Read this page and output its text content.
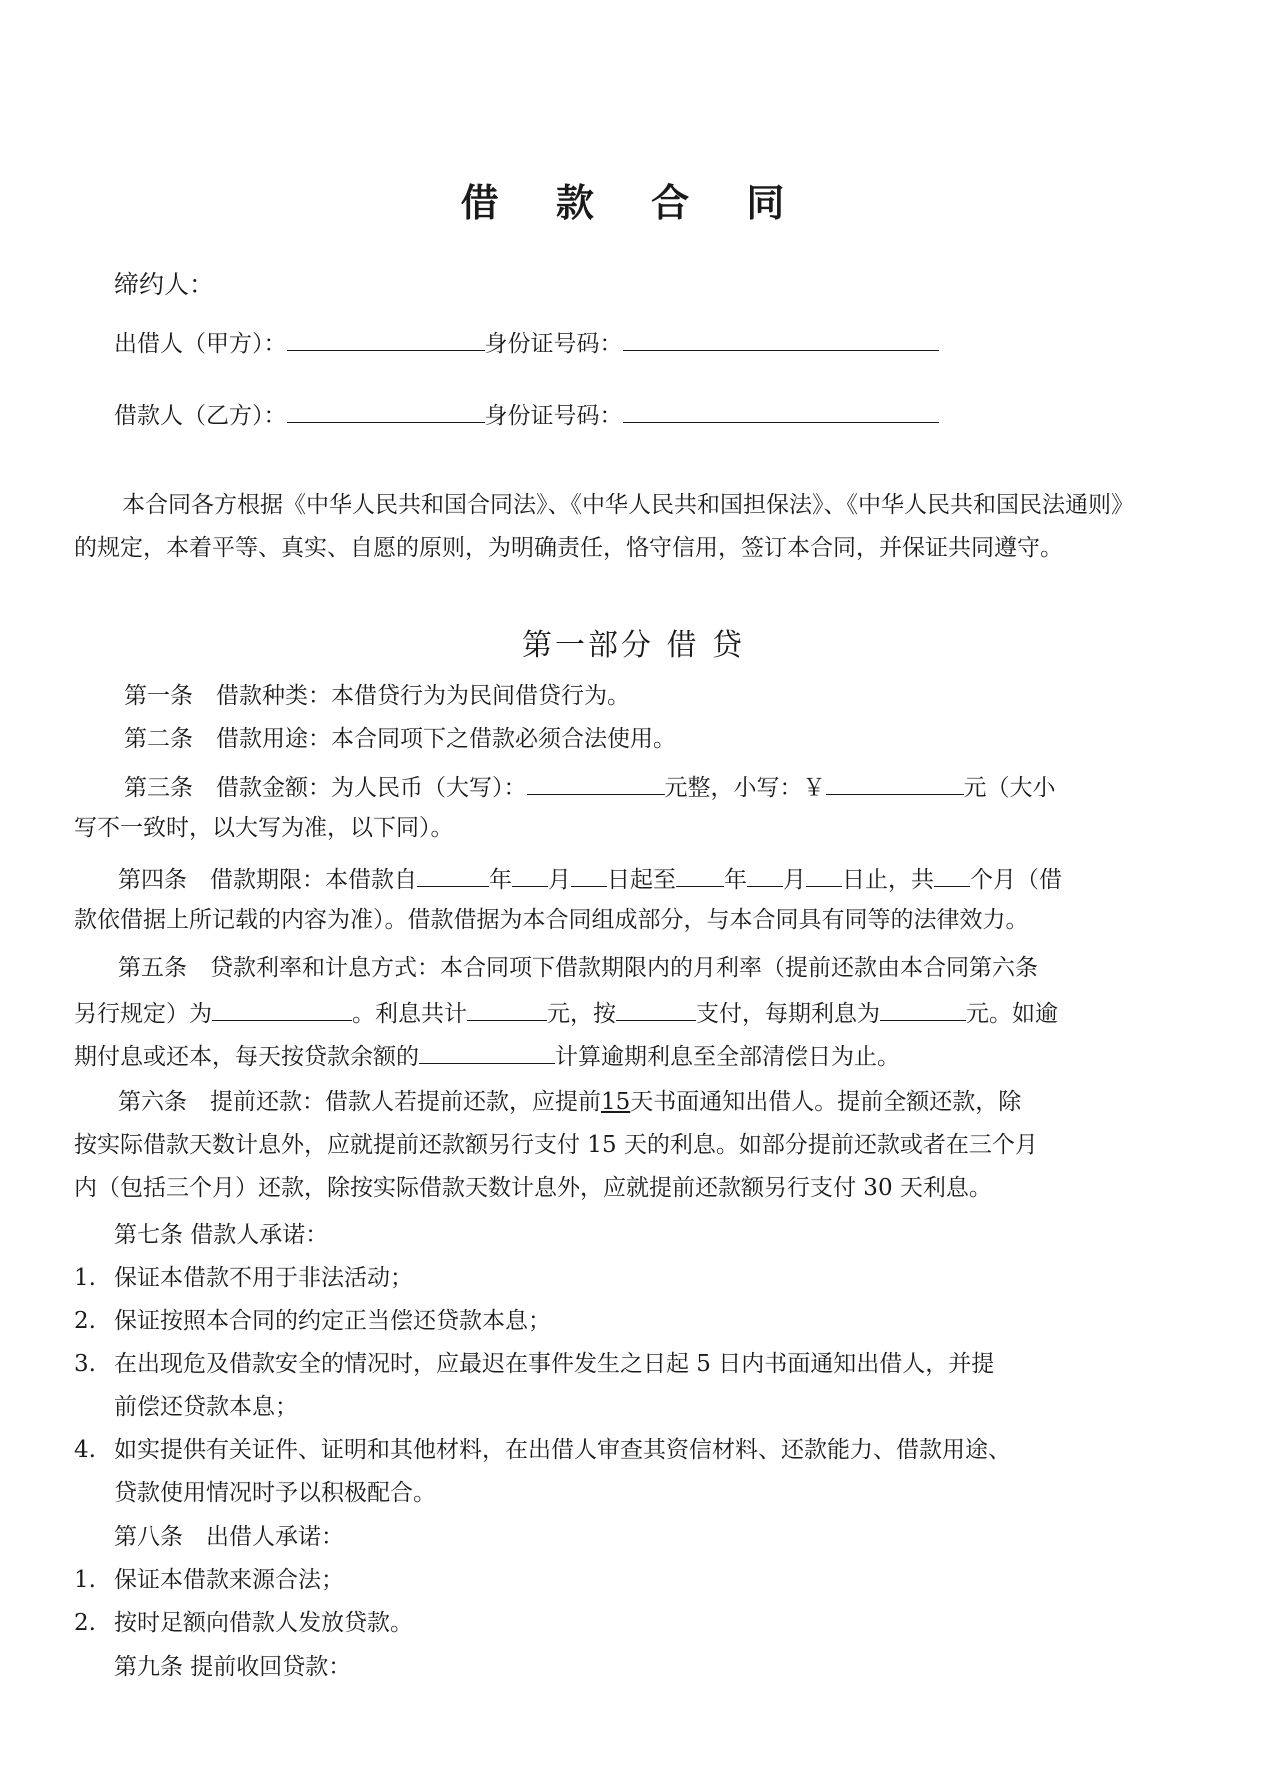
借 款 合 同
缔约人：
出借人（甲方）：	身份证号码：
借款人（乙方）：	身份证号码：
本合同各方根据《中华人民共和国合同法》、《中华人民共和国担保法》、《中华人民共和国民法通则》的规定，本着平等、真实、自愿的原则，为明确责任，恪守信用，签订本合同，并保证共同遵守。
第一部分 借 贷
第一条　借款种类：本借贷行为为民间借贷行为。
第二条　借款用途：本合同项下之借款必须合法使用。
第三条　借款金额：为人民币（大写）：	元整，小写：￥	元（大小
写不一致时，以大写为准，以下同）。
第四条　借款期限：本借款自	年 月 日起至 年 月 日止，共 个月（借
款依借据上所记载的内容为准）。借款借据为本合同组成部分，与本合同具有同等的法律效力。
第五条　贷款利率和计息方式：本合同项下借款期限内的月利率（提前还款由本合同第六条
另行规定）为	。利息共计	元，按	支付，每期利息为	元。如逾
期付息或还本，每天按贷款余额的	计算逾期利息至全部清偿日为止。
第六条　提前还款：借款人若提前还款，应提前15天书面通知出借人。提前全额还款，除
按实际借款天数计息外，应就提前还款额另行支付 15 天的利息。如部分提前还款或者在三个月
内（包括三个月）还款，除按实际借款天数计息外，应就提前还款额另行支付 30 天利息。
第七条 借款人承诺：
1. 保证本借款不用于非法活动；
2. 保证按照本合同的约定正当偿还贷款本息；
3. 在出现危及借款安全的情况时，应最迟在事件发生之日起 5 日内书面通知出借人，并提
前偿还贷款本息；
4. 如实提供有关证件、证明和其他材料，在出借人审查其资信材料、还款能力、借款用途、
贷款使用情况时予以积极配合。
第八条　出借人承诺：
1. 保证本借款来源合法；
2. 按时足额向借款人发放贷款。
第九条 提前收回贷款：
